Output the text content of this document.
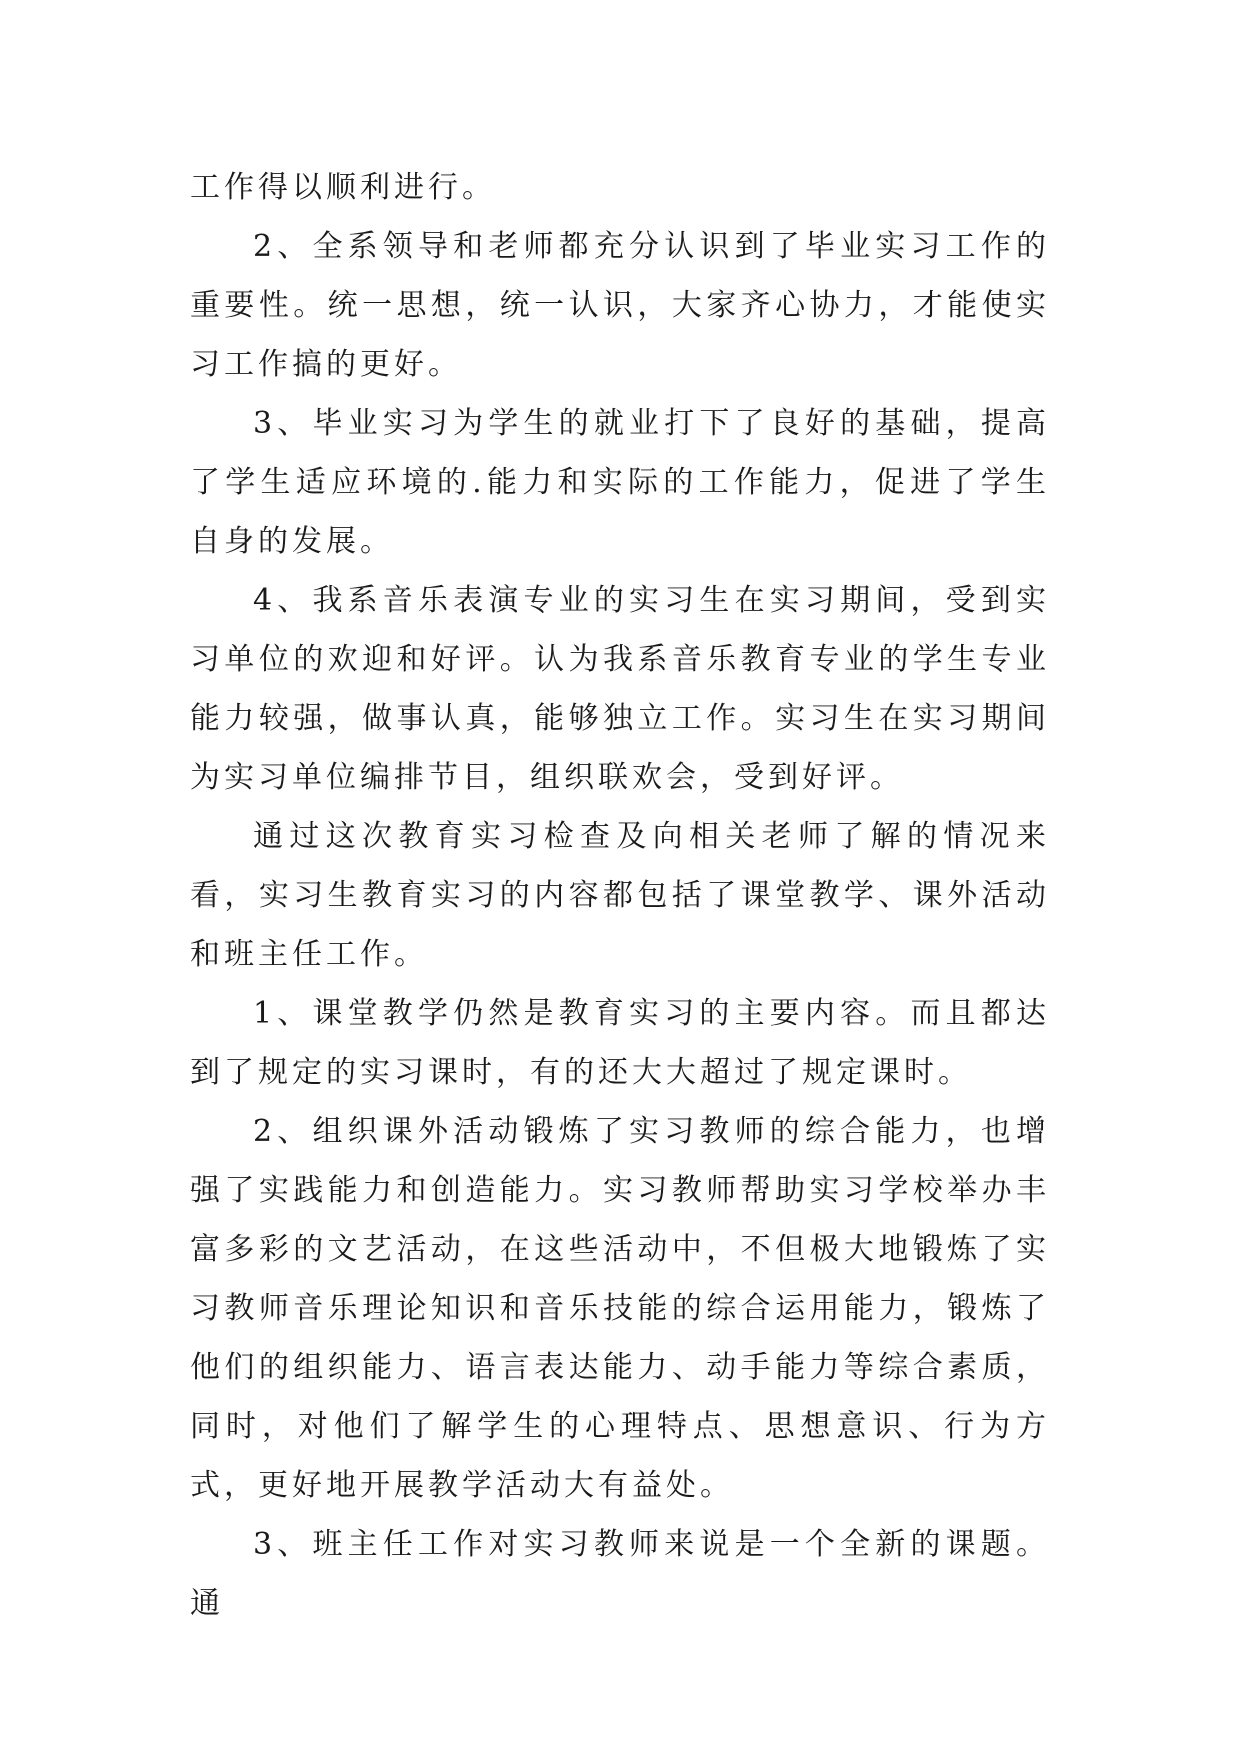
工作得以顺利进行。

2、全系领导和老师都充分认识到了毕业实习工作的重要性。统一思想，统一认识，大家齐心协力，才能使实习工作搞的更好。

3、毕业实习为学生的就业打下了良好的基础，提高了学生适应环境的.能力和实际的工作能力，促进了学生自身的发展。

4、我系音乐表演专业的实习生在实习期间，受到实习单位的欢迎和好评。认为我系音乐教育专业的学生专业能力较强，做事认真，能够独立工作。实习生在实习期间为实习单位编排节目，组织联欢会，受到好评。

通过这次教育实习检查及向相关老师了解的情况来看，实习生教育实习的内容都包括了课堂教学、课外活动和班主任工作。

1、课堂教学仍然是教育实习的主要内容。而且都达到了规定的实习课时，有的还大大超过了规定课时。

2、组织课外活动锻炼了实习教师的综合能力，也增强了实践能力和创造能力。实习教师帮助实习学校举办丰富多彩的文艺活动，在这些活动中，不但极大地锻炼了实习教师音乐理论知识和音乐技能的综合运用能力，锻炼了他们的组织能力、语言表达能力、动手能力等综合素质，同时，对他们了解学生的心理特点、思想意识、行为方式，更好地开展教学活动大有益处。

3、班主任工作对实习教师来说是一个全新的课题。通
